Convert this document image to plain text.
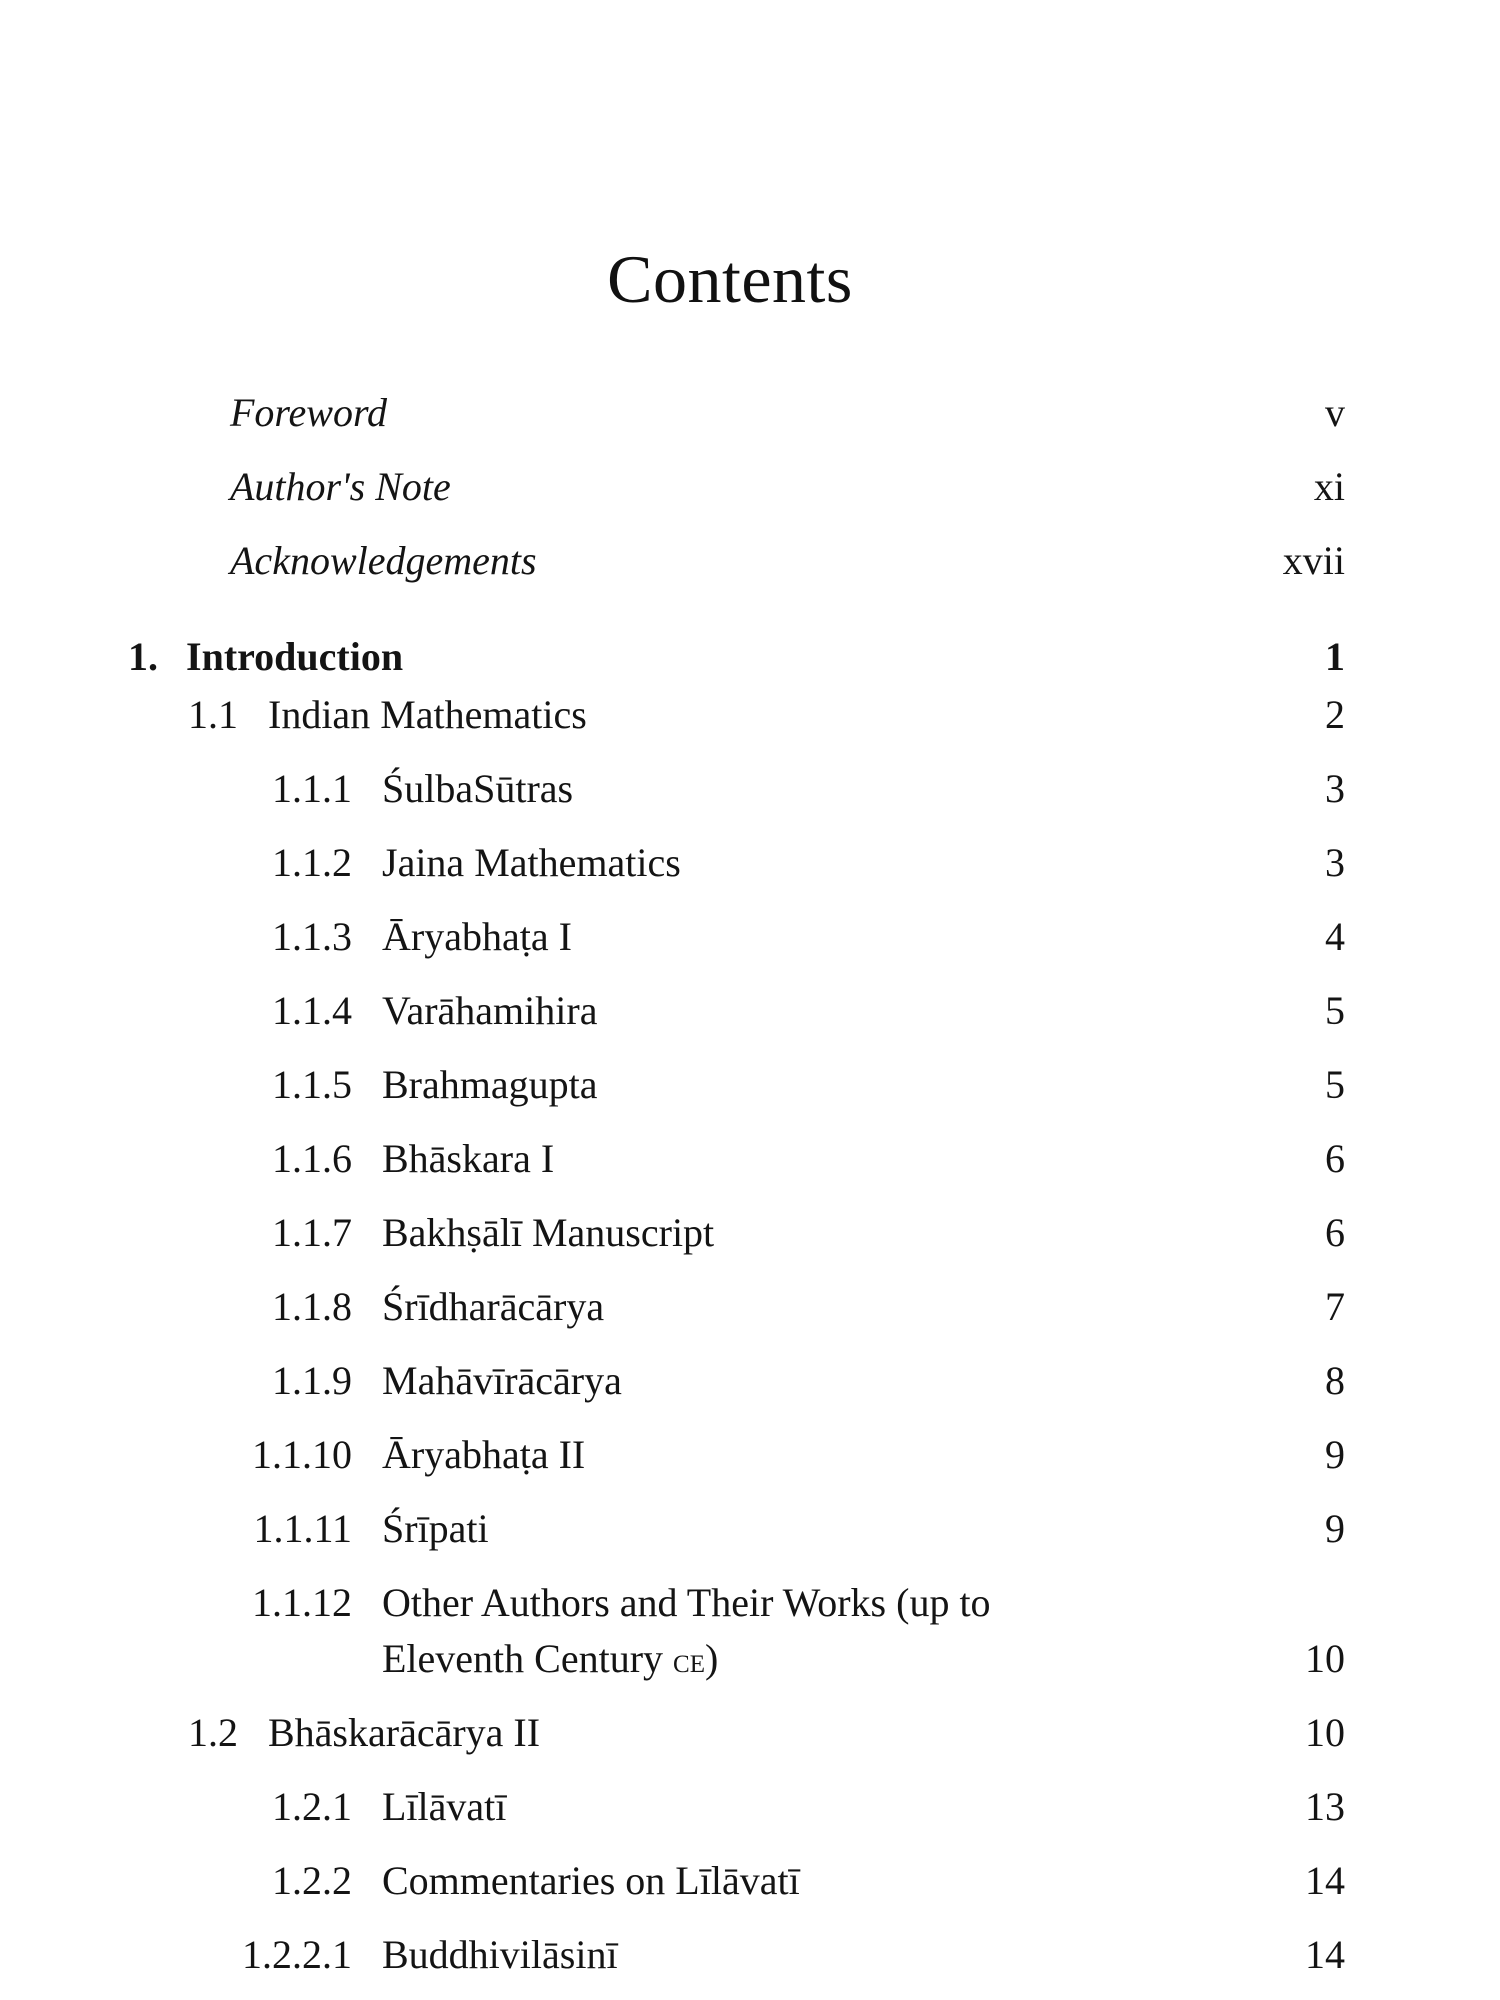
Contents
Foreword	v
Author's Note	xi
Acknowledgements	xvii
1. Introduction	1
1.1 Indian Mathematics	2
1.1.1 ŚulbaSūtras	3
1.1.2 Jaina Mathematics	3
1.1.3 Āryabhaṭa I	4
1.1.4 Varāhamihira	5
1.1.5 Brahmagupta	5
1.1.6 Bhāskara I	6
1.1.7 Bakhṣālī Manuscript	6
1.1.8 Śrīdharācārya	7
1.1.9 Mahāvīrācārya	8
1.1.10 Āryabhaṭa II	9
1.1.11 Śrīpati	9
1.1.12 Other Authors and Their Works (up to
Eleventh Century ce)	10
1.2 Bhāskarācārya II	10
1.2.1 Līlāvatī	13
1.2.2 Commentaries on Līlāvatī	14
1.2.2.1 Buddhivilāsinī	14
